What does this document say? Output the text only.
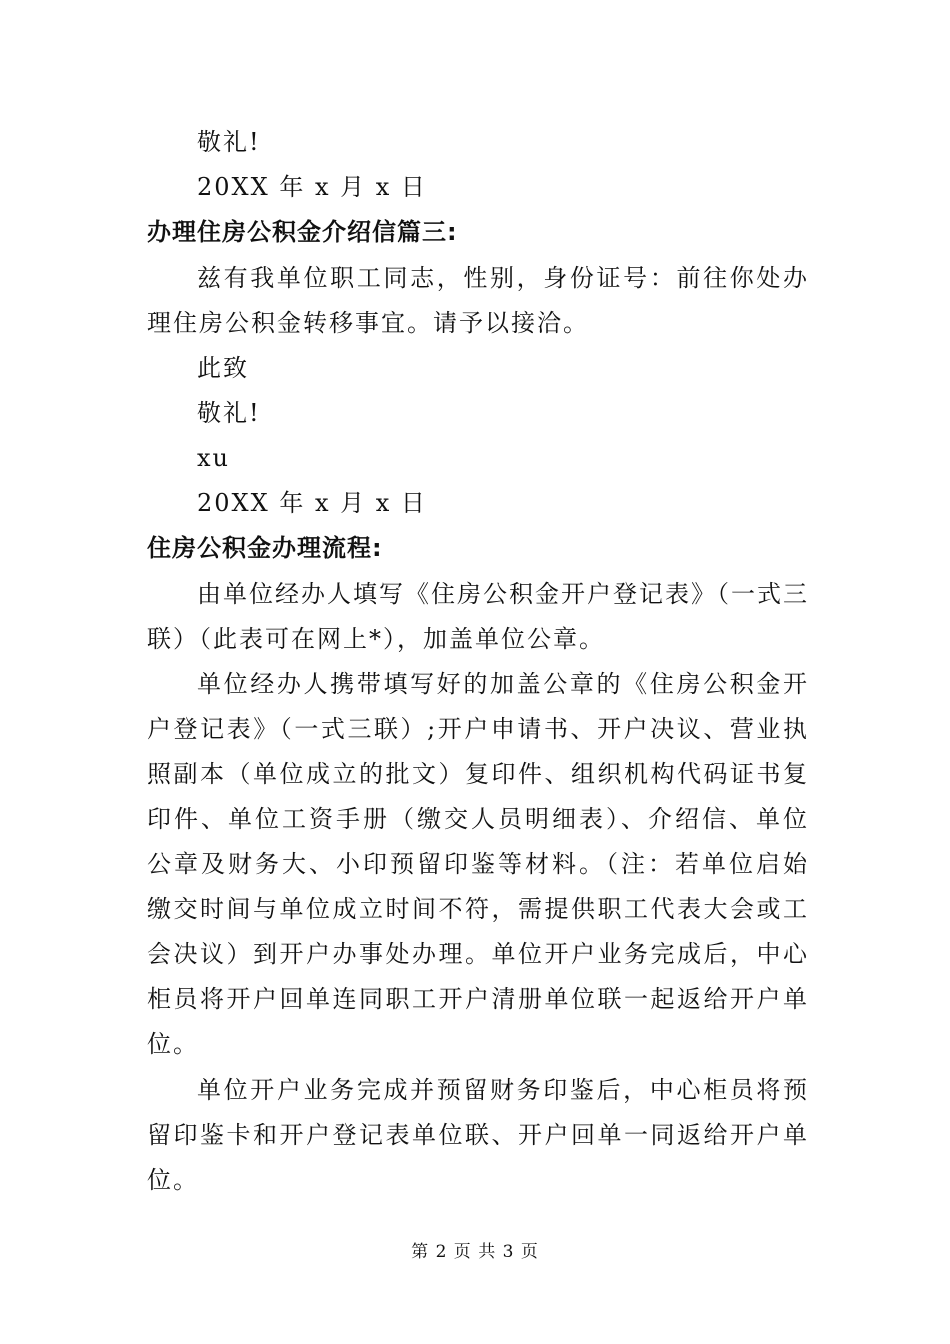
敬礼!
20XX 年 x 月 x 日
办理住房公积金介绍信篇三:
兹有我单位职工同志，性别，身份证号：前往你处办理住房公积金转移事宜。请予以接洽。
此致
敬礼!
xu
20XX 年 x 月 x 日
住房公积金办理流程:
由单位经办人填写《住房公积金开户登记表》（一式三联）（此表可在网上*），加盖单位公章。
单位经办人携带填写好的加盖公章的《住房公积金开户登记表》（一式三联）;开户申请书、开户决议、营业执照副本（单位成立的批文）复印件、组织机构代码证书复印件、单位工资手册（缴交人员明细表）、介绍信、单位公章及财务大、小印预留印鉴等材料。（注：若单位启始缴交时间与单位成立时间不符，需提供职工代表大会或工会决议）到开户办事处办理。单位开户业务完成后，中心柜员将开户回单连同职工开户清册单位联一起返给开户单位。
单位开户业务完成并预留财务印鉴后，中心柜员将预留印鉴卡和开户登记表单位联、开户回单一同返给开户单位。
第 2 页 共 3 页
